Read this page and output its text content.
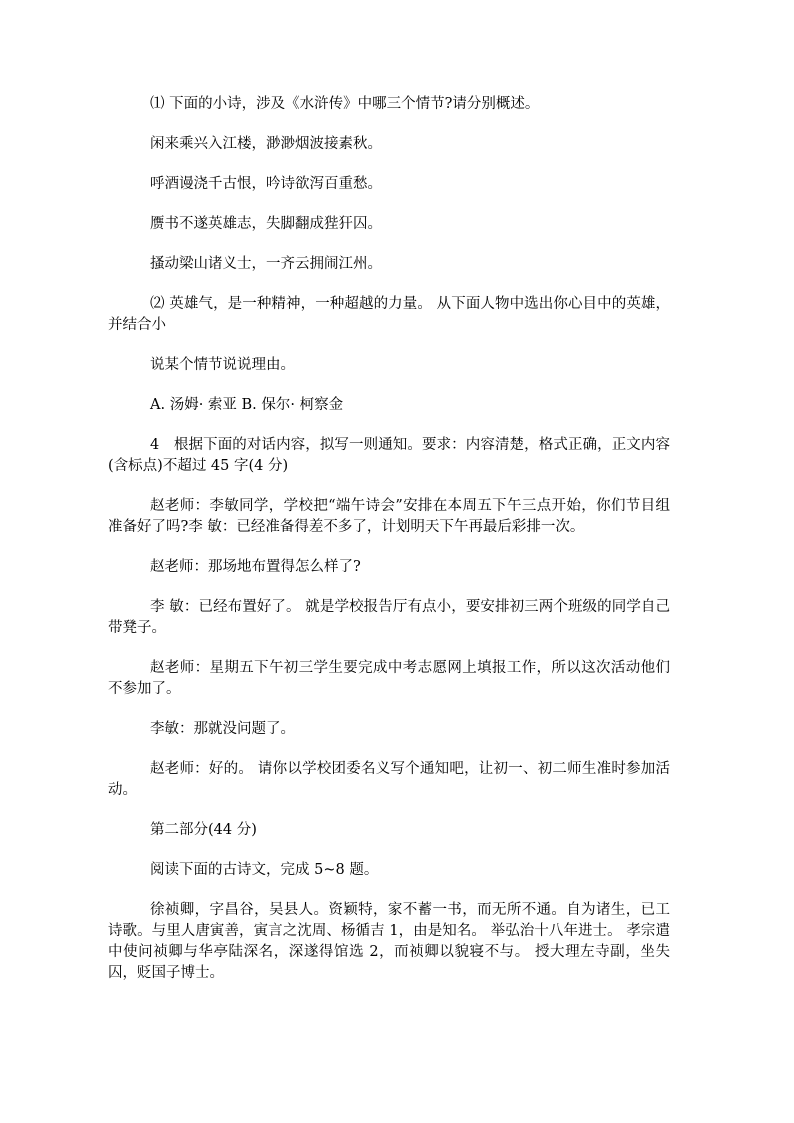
⑴ 下面的小诗，涉及《水浒传》中哪三个情节?请分别概述。

闲来乘兴入江楼，渺渺烟波接素秋。

呼酒谩浇千古恨，吟诗欲泻百重愁。

赝书不遂英雄志，失脚翻成狴犴囚。

搔动梁山诸义士，一齐云拥闹江州。

⑵ 英雄气，是一种精神，一种超越的力量。 从下面人物中选出你心目中的英雄，并结合小

说某个情节说说理由。

A. 汤姆· 索亚 B. 保尔· 柯察金

4　根据下面的对话内容，拟写一则通知。要求：内容清楚，格式正确，正文内容(含标点)不超过 45 字(4 分)

赵老师：李敏同学，学校把“端午诗会”安排在本周五下午三点开始，你们节目组准备好了吗?李 敏：已经准备得差不多了，计划明天下午再最后彩排一次。

赵老师：那场地布置得怎么样了?

李 敏：已经布置好了。 就是学校报告厅有点小，要安排初三两个班级的同学自己带凳子。

赵老师：星期五下午初三学生要完成中考志愿网上填报工作，所以这次活动他们不参加了。

李敏：那就没问题了。

赵老师：好的。 请你以学校团委名义写个通知吧，让初一、初二师生准时参加活动。

第二部分(44 分)

阅读下面的古诗文，完成 5~8 题。

徐祯卿，字昌谷，吴县人。资颖特，家不蓄一书，而无所不通。自为诸生，已工诗歌。与里人唐寅善，寅言之沈周、杨循吉 1，由是知名。 举弘治十八年进士。 孝宗遣中使问祯卿与华亭陆深名，深遂得馆选 2，而祯卿以貌寝不与。 授大理左寺副，坐失囚，贬国子博士。
